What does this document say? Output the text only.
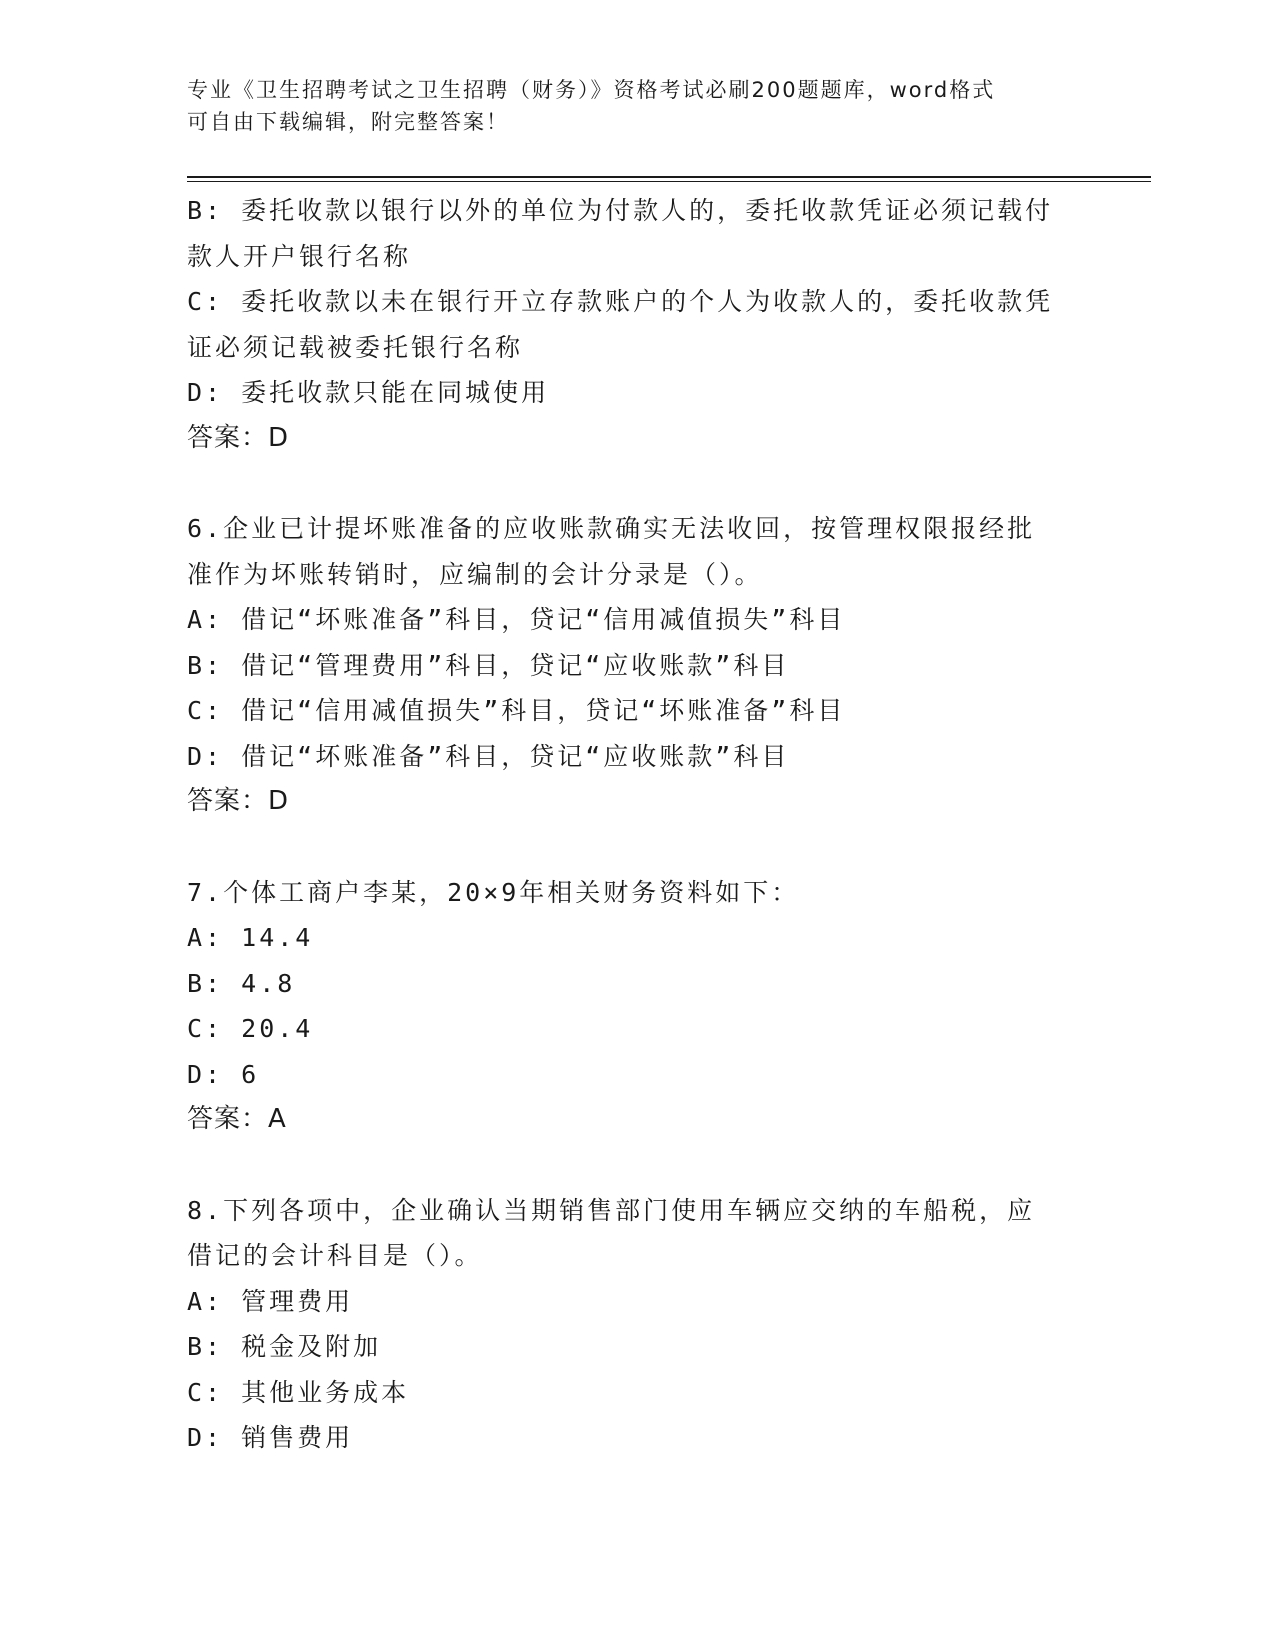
专业《卫生招聘考试之卫生招聘（财务）》资格考试必刷200题题库，word格式
可自由下载编辑，附完整答案！
B: 委托收款以银行以外的单位为付款人的，委托收款凭证必须记载付
款人开户银行名称
C: 委托收款以未在银行开立存款账户的个人为收款人的，委托收款凭
证必须记载被委托银行名称
D: 委托收款只能在同城使用
答案：D
6.企业已计提坏账准备的应收账款确实无法收回，按管理权限报经批
准作为坏账转销时，应编制的会计分录是（）。
A: 借记“坏账准备”科目，贷记“信用减值损失”科目
B: 借记“管理费用”科目，贷记“应收账款”科目
C: 借记“信用减值损失”科目，贷记“坏账准备”科目
D: 借记“坏账准备”科目，贷记“应收账款”科目
答案：D
7.个体工商户李某，20×9年相关财务资料如下：
A: 14.4
B: 4.8
C: 20.4
D: 6
答案：A
8.下列各项中，企业确认当期销售部门使用车辆应交纳的车船税，应
借记的会计科目是（）。
A: 管理费用
B: 税金及附加
C: 其他业务成本
D: 销售费用
